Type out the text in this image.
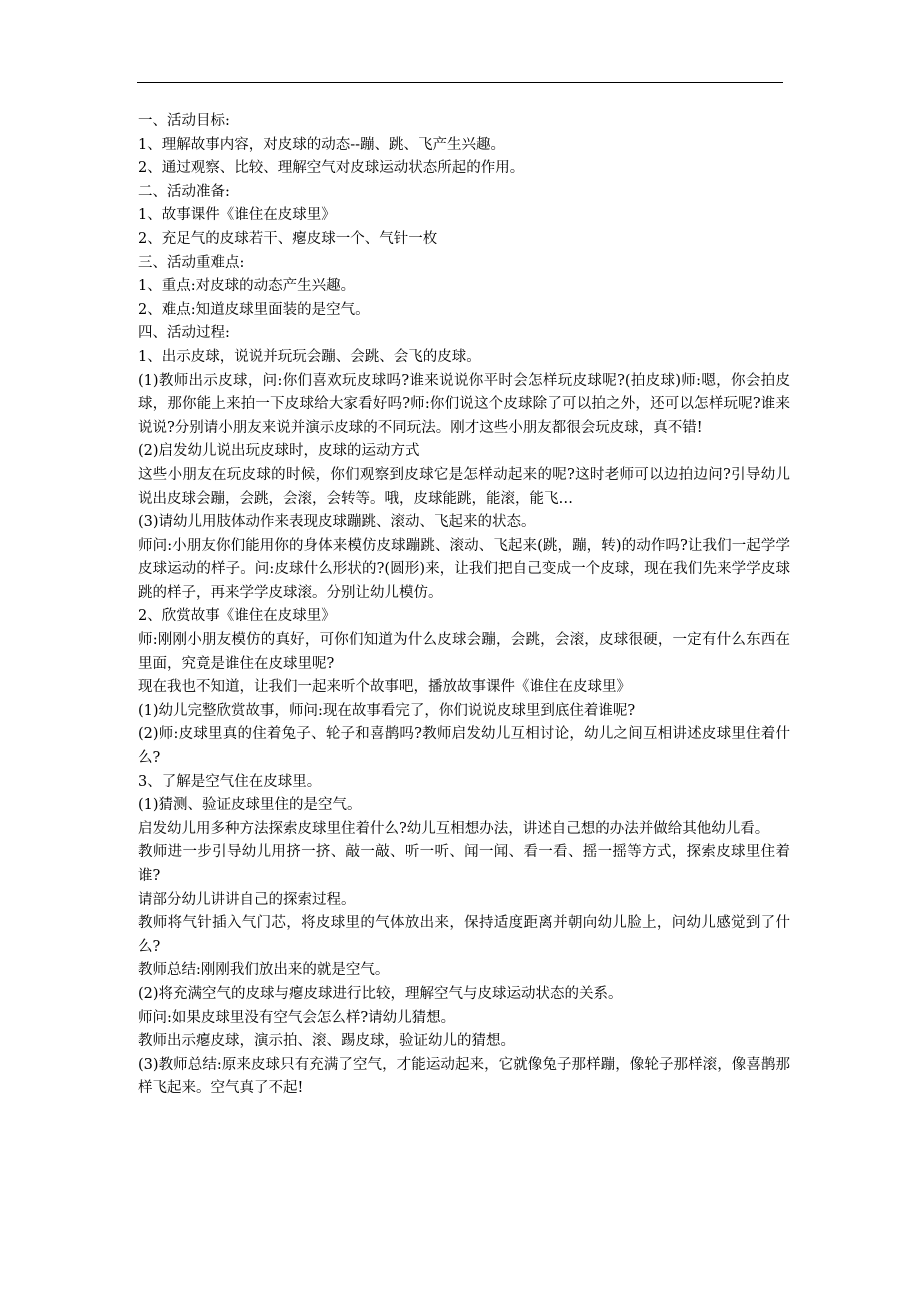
一、活动目标:

1、理解故事内容，对皮球的动态--蹦、跳、飞产生兴趣。

2、通过观察、比较、理解空气对皮球运动状态所起的作用。

二、活动准备:

1、故事课件《谁住在皮球里》

2、充足气的皮球若干、瘪皮球一个、气针一枚

三、活动重难点:

1、重点:对皮球的动态产生兴趣。

2、难点:知道皮球里面装的是空气。

四、活动过程:

1、出示皮球，说说并玩玩会蹦、会跳、会飞的皮球。

(1)教师出示皮球，问:你们喜欢玩皮球吗?谁来说说你平时会怎样玩皮球呢?(拍皮球)师:嗯，你会拍皮球，那你能上来拍一下皮球给大家看好吗?师:你们说这个皮球除了可以拍之外，还可以怎样玩呢?谁来说说?分别请小朋友来说并演示皮球的不同玩法。刚才这些小朋友都很会玩皮球，真不错!

(2)启发幼儿说出玩皮球时，皮球的运动方式

这些小朋友在玩皮球的时候，你们观察到皮球它是怎样动起来的呢?这时老师可以边拍边问?引导幼儿说出皮球会蹦，会跳，会滚，会转等。哦，皮球能跳，能滚，能飞…

(3)请幼儿用肢体动作来表现皮球蹦跳、滚动、飞起来的状态。

师问:小朋友你们能用你的身体来模仿皮球蹦跳、滚动、飞起来(跳，蹦，转)的动作吗?让我们一起学学皮球运动的样子。问:皮球什么形状的?(圆形)来，让我们把自己变成一个皮球，现在我们先来学学皮球跳的样子，再来学学皮球滚。分别让幼儿模仿。

2、欣赏故事《谁住在皮球里》

师:刚刚小朋友模仿的真好，可你们知道为什么皮球会蹦，会跳，会滚，皮球很硬，一定有什么东西在里面，究竟是谁住在皮球里呢?

现在我也不知道，让我们一起来听个故事吧，播放故事课件《谁住在皮球里》

(1)幼儿完整欣赏故事，师问:现在故事看完了，你们说说皮球里到底住着谁呢?

(2)师:皮球里真的住着兔子、轮子和喜鹊吗?教师启发幼儿互相讨论，幼儿之间互相讲述皮球里住着什么?

3、了解是空气住在皮球里。

(1)猜测、验证皮球里住的是空气。

启发幼儿用多种方法探索皮球里住着什么?幼儿互相想办法，讲述自己想的办法并做给其他幼儿看。

教师进一步引导幼儿用挤一挤、敲一敲、听一听、闻一闻、看一看、摇一摇等方式，探索皮球里住着谁?

请部分幼儿讲讲自己的探索过程。

教师将气针插入气门芯，将皮球里的气体放出来，保持适度距离并朝向幼儿脸上，问幼儿感觉到了什么?

教师总结:刚刚我们放出来的就是空气。

(2)将充满空气的皮球与瘪皮球进行比较，理解空气与皮球运动状态的关系。

师问:如果皮球里没有空气会怎么样?请幼儿猜想。

教师出示瘪皮球，演示拍、滚、踢皮球，验证幼儿的猜想。

(3)教师总结:原来皮球只有充满了空气，才能运动起来，它就像兔子那样蹦，像轮子那样滚，像喜鹊那样飞起来。空气真了不起!
